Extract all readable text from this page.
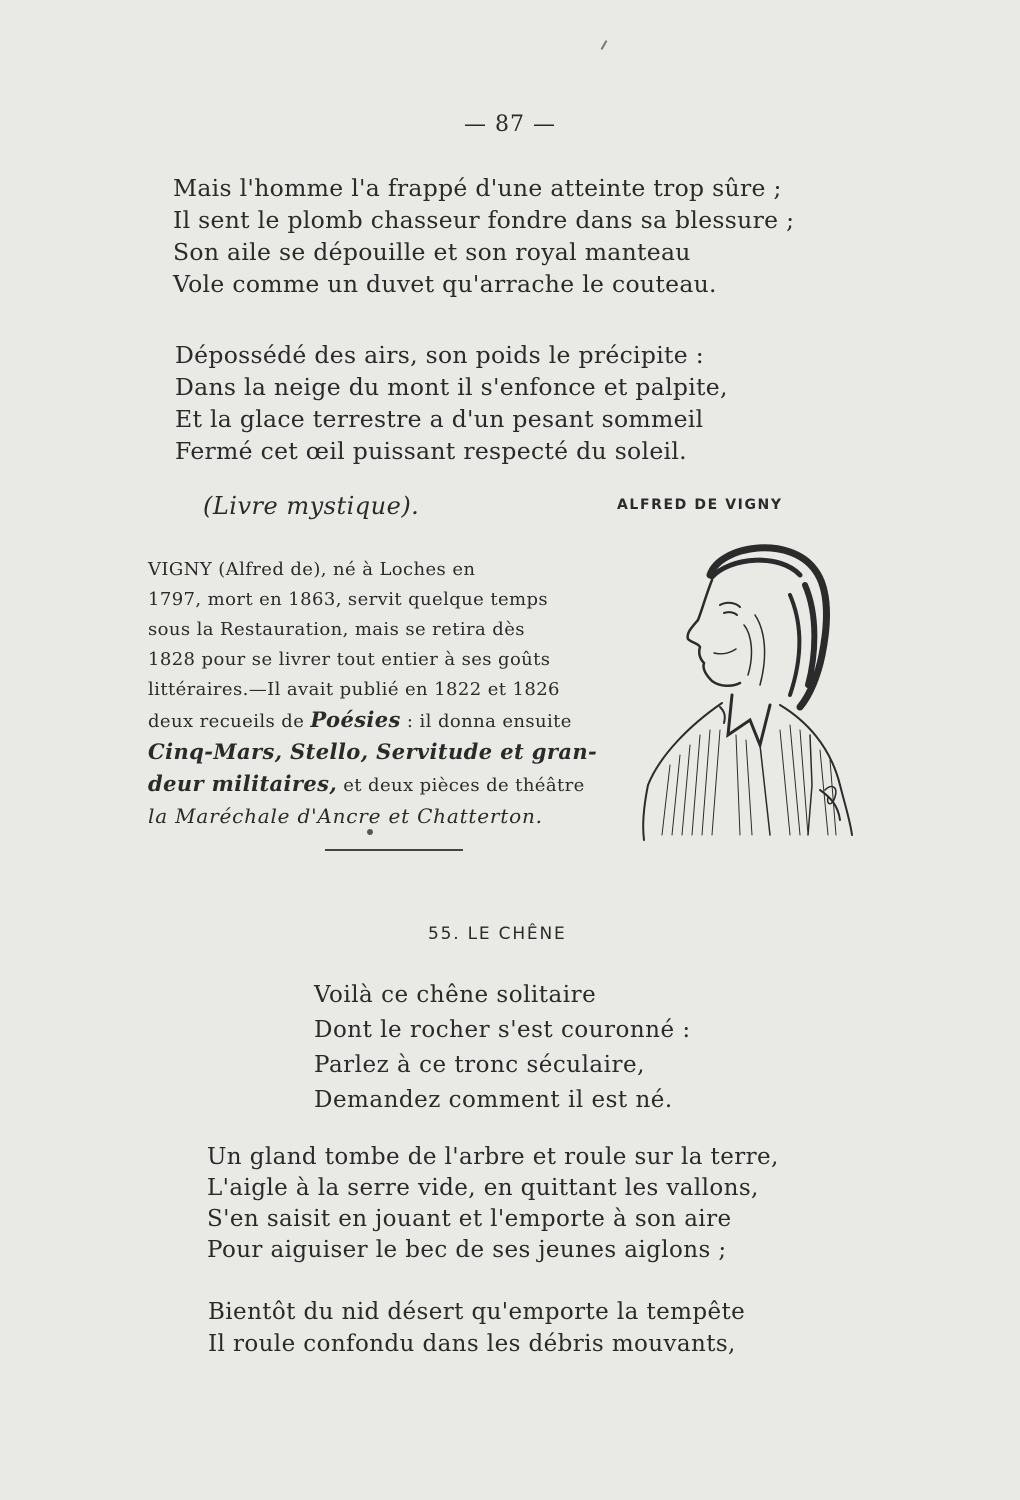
— 87 —
Mais l'homme l'a frappé d'une atteinte trop sûre ;
Il sent le plomb chasseur fondre dans sa blessure ;
Son aile se dépouille et son royal manteau
Vole comme un duvet qu'arrache le couteau.
Dépossédé des airs, son poids le précipite :
Dans la neige du mont il s'enfonce et palpite,
Et la glace terrestre a d'un pesant sommeil
Fermé cet œil puissant respecté du soleil.
(Livre mystique).	ALFRED DE VIGNY
VIGNY (Alfred de), né à Loches en
1797, mort en 1863, servit quelque temps
sous la Restauration, mais se retira dès
1828 pour se livrer tout entier à ses goûts
littéraires.—Il avait publié en 1822 et 1826
deux recueils de Poésies : il donna ensuite
Cinq-Mars, Stello, Servitude et gran-
deur militaires, et deux pièces de théâtre
la Maréchale d'Ancre et Chatterton.
55. LE CHÊNE
Voilà ce chêne solitaire
Dont le rocher s'est couronné :
Parlez à ce tronc séculaire,
Demandez comment il est né.
Un gland tombe de l'arbre et roule sur la terre,
L'aigle à la serre vide, en quittant les vallons,
S'en saisit en jouant et l'emporte à son aire
Pour aiguiser le bec de ses jeunes aiglons ;
Bientôt du nid désert qu'emporte la tempête
Il roule confondu dans les débris mouvants,
